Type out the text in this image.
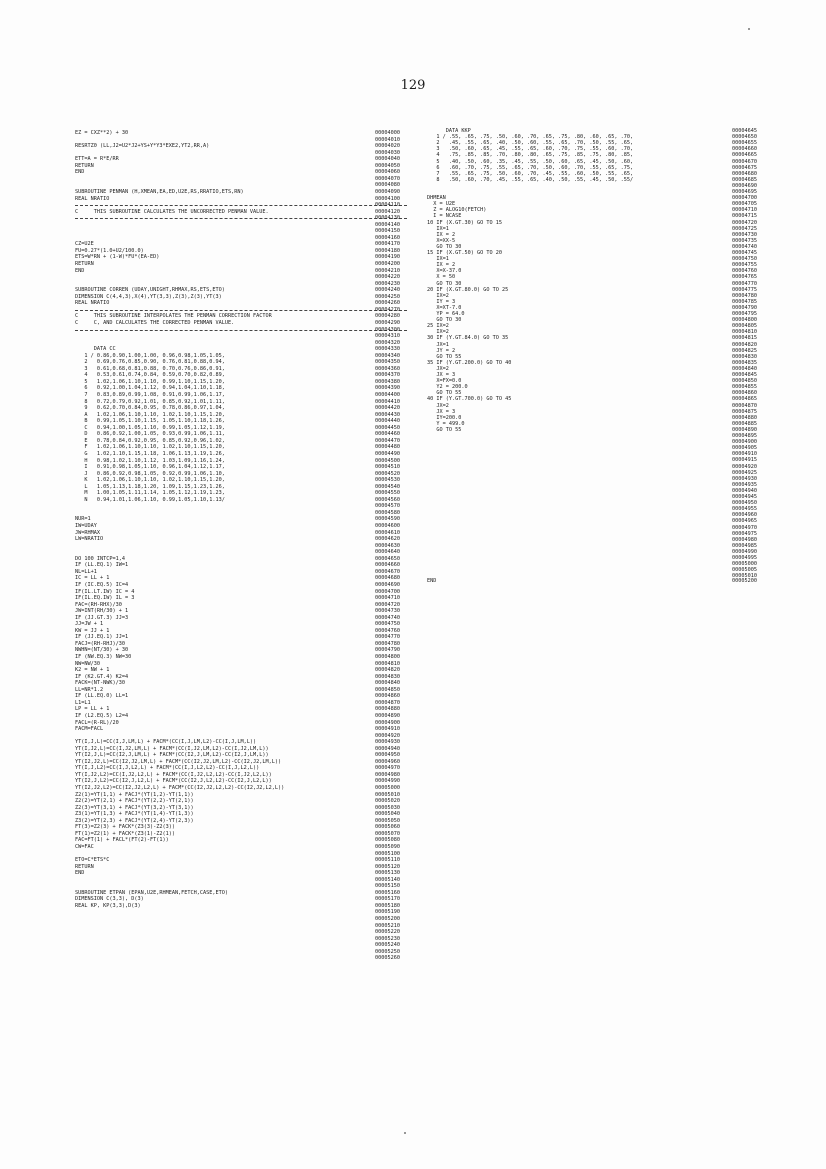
129
EZ = CXZ**2) + 30
RESRTZ0 (LL,J2=U2*J2+YS+Y*Y3*EXE2,YT2,RR,A)
ETT=A = R*E/RR
RETURN
END
SUBROUTINE PENMAN (H,XMEAN,EA,ED,U2E,RS,RRATIO,ETS,RN)
REAL NRATIO
C     THIS SUBROUTINE CALCULATES THE UNCORRECTED PENMAN VALUE.
CZ=U2E
FU=0.27*(1.0+U2/100.0)
ETS=W*RN + (1-W)*FU*(EA-ED)
RETURN
END
SUBROUTINE CORREN (UDAY,UNIGHT,RHMAX,RS,ETS,ETO)
DIMENSION C(4,4,3),X(4),YT(3,3),Z(3),Z(3),YT(3)
REAL NRATIO
C     THIS SUBROUTINE INTERPOLATES THE PENMAN CORRECTION FACTOR
C     C, AND CALCULATES THE CORRECTED PENMAN VALUE.
DATA CC
1 / 0.86,0.90,1.00,1.00, 0.96,0.98,1.05,1.05,
2   0.69,0.76,0.85,0.90, 0.76,0.81,0.88,0.94,
3   0.61,0.68,0.81,0.88, 0.70,0.76,0.86,0.91,
4   0.53,0.61,0.74,0.84, 0.59,0.70,0.82,0.89,
5   1.02,1.06,1.10,1.10, 0.99,1.10,1.15,1.20,
6   0.92,1.00,1.04,1.12, 0.94,1.04,1.10,1.18,
7   0.83,0.89,0.99,1.08, 0.91,0.99,1.06,1.17,
8   0.72,0.79,0.92,1.01, 0.85,0.92,1.01,1.11,
9   0.62,0.70,0.84,0.95, 0.78,0.86,0.97,1.04,
A   1.02,1.06,1.10,1.10, 1.02,1.10,1.15,1.20,
B   0.99,1.05,1.10,1.15, 1.05,1.10,1.18,1.26,
C   0.94,1.00,1.05,1.10, 0.99,1.05,1.12,1.19,
D   0.86,0.92,1.00,1.05, 0.93,0.99,1.06,1.11,
E   0.78,0.84,0.92,0.95, 0.85,0.92,0.96,1.02,
F   1.02,1.06,1.10,1.10, 1.02,1.10,1.15,1.20,
G   1.02,1.10,1.15,1.18, 1.06,1.13,1.19,1.26,
H   0.98,1.02,1.10,1.12, 1.03,1.09,1.16,1.24,
I   0.91,0.98,1.05,1.10, 0.96,1.04,1.12,1.17,
J   0.86,0.92,0.98,1.05, 0.92,0.99,1.06,1.10,
K   1.02,1.06,1.10,1.10, 1.02,1.10,1.15,1.20,
L   1.05,1.13,1.18,1.20, 1.09,1.15,1.23,1.26,
M   1.00,1.05,1.11,1.14, 1.05,1.12,1.19,1.23,
N   0.94,1.01,1.06,1.10, 0.99,1.05,1.10,1.13/
NUR=1
IW=UDAY
JW=RHMAX
LW=NRATIO
DO 100 INTCP=1,4
IF (LL.EQ.1) IW=1
NL=LL+1
IC = LL + 1
IF (IC.EQ.5) IC=4
IF(IL.LT.IW) IC = 4
IF(IL.EQ.IW) IL = 3
FAC=(RH-RHX)/30
JW=INT(RH/30) + 1
IF (JJ.GT.3) JJ=3
JJ=JW + 1
KW = JJ + 1
IF (JJ.EQ.1) JJ=1
FACJ=(RH-RHJ)/30
NWHN=(NT/30) + 30
IF (NW.EQ.3) NW=30
NW=NW/30
K2 = NW + 1
IF (K2.GT.4) K2=4
FACK=(NT-NWK)/30
LL=NR*1.2
IF (LL.EQ.0) LL=1
L1=L1
LP = LL + 1
IF (L2.EQ.5) L2=4
FACL=(R-RL)/20
FACM=FACL
YT(I,J,L)=CC(I,J,LM,L) + FACM*(CC(I,J,LM,L2)-CC(I,J,LM,L))
YT(I,J2,L)=CC(I,J2,LM,L) + FACM*(CC(I,J2,LM,L2)-CC(I,J2,LM,L))
YT(I2,J,L)=CC(I2,J,LM,L) + FACM*(CC(I2,J,LM,L2)-CC(I2,J,LM,L))
YT(I2,J2,L)=CC(I2,J2,LM,L) + FACM*(CC(I2,J2,LM,L2)-CC(I2,J2,LM,L))
YT(I,J,L2)=CC(I,J,L2,L) + FACM*(CC(I,J,L2,L2)-CC(I,J,L2,L))
YT(I,J2,L2)=CC(I,J2,L2,L) + FACM*(CC(I,J2,L2,L2)-CC(I,J2,L2,L))
YT(I2,J,L2)=CC(I2,J,L2,L) + FACM*(CC(I2,J,L2,L2)-CC(I2,J,L2,L))
YT(I2,J2,L2)=CC(I2,J2,L2,L) + FACM*(CC(I2,J2,L2,L2)-CC(I2,J2,L2,L))
Z2(1)=YT(1,1) + FACJ*(YT(1,2)-YT(1,1))
Z2(2)=YT(2,1) + FACJ*(YT(2,2)-YT(2,1))
Z2(3)=YT(3,1) + FACJ*(YT(3,2)-YT(3,1))
Z3(1)=YT(1,3) + FACJ*(YT(1,4)-YT(1,3))
Z3(2)=YT(2,3) + FACJ*(YT(2,4)-YT(2,3))
FT(3)=Z2(3) + FACK*(Z3(3)-Z2(3))
FT(1)=Z2(1) + FACK*(Z3(1)-Z2(1))
FAC=FT(1) + FACL*(FT(2)-FT(1))
CW=FAC
ETO=C*ETS*C
RETURN
END
SUBROUTINE ETPAN (EPAN,U2E,RHMEAN,FETCH,CASE,ETO)
DIMENSION C(3,3), D(3)
REAL KP, KP(3,3),D(3)
00004000
00004010
00004020
00004030
00004040
00004050
00004060
00004070
00004080
00004090
00004100
00004110
00004120
00004130
00004140
00004150
00004160
00004170
00004180
00004190
00004200
00004210
00004220
00004230
00004240
00004250
00004260
00004270
00004280
00004290
00004300
00004310
00004320
00004330
00004340
00004350
00004360
00004370
00004380
00004390
00004400
00004410
00004420
00004430
00004440
00004450
00004460
00004470
00004480
00004490
00004500
00004510
00004520
00004530
00004540
00004550
00004560
00004570
00004580
00004590
00004600
00004610
00004620
00004630
00004640
00004650
00004660
00004670
00004680
00004690
00004700
00004710
00004720
00004730
00004740
00004750
00004760
00004770
00004780
00004790
00004800
00004810
00004820
00004830
00004840
00004850
00004860
00004870
00004880
00004890
00004900
00004910
00004920
00004930
00004940
00004950
00004960
00004970
00004980
00004990
00005000
00005010
00005020
00005030
00005040
00005050
00005060
00005070
00005080
00005090
00005100
00005110
00005120
00005130
00005140
00005150
00005160
00005170
00005180
00005190
00005200
00005210
00005220
00005230
00005240
00005250
00005260
DATA KKP
1 / .55, .65, .75, .50, .60, .70, .65, .75, .80, .60, .65, .70,
2   .45, .55, .65, .40, .50, .60, .55, .65, .70, .50, .55, .65,
3   .50, .60, .65, .45, .55, .65, .60, .70, .75, .55, .60, .70,
4   .75, .85, .85, .70, .80, .80, .65, .75, .85, .75, .80, .85,
5   .40, .50, .60, .35, .45, .55, .50, .60, .65, .45, .50, .60,
6   .60, .70, .75, .55, .65, .70, .50, .60, .70, .55, .65, .75,
7   .55, .65, .75, .50, .60, .70, .45, .55, .60, .50, .55, .65,
8   .50, .60, .70, .45, .55, .65, .40, .50, .55, .45, .50, .55/
DHMEAN
X = U2E
Z = ALOG10(FETCH)
I = NCASE
10 IF (X.GT.30) GO TO 15
IX=1
IX = 2
X=XX-5
GO TO 30
15 IF (X.GT.50) GO TO 20
IX=1
IX = 2
X=X-37.0
X = 50
GO TO 30
20 IF (X.GT.80.0) GO TO 25
IX=2
IY = 3
X=XT-7.0
YP = 64.0
GO TO 30
25 IX=2
IX=2
30 IF (Y.GT.84.0) GO TO 35
JX=1
JY = 2
GO TO 55
35 IF (Y.GT.200.0) GO TO 40
JX=2
JX = 3
X=FX=0.0
Y2 = 200.0
GO TO 55
40 IF (Y.GT.700.0) GO TO 45
JX=2
JX = 3
IY=200.0
Y = 499.0
GO TO 55
00004645
00004650
00004655
00004660
00004665
00004670
00004675
00004680
00004685
00004690
00004695
00004700
00004705
00004710
00004715
00004720
00004725
00004730
00004735
00004740
00004745
00004750
00004755
00004760
00004765
00004770
00004775
00004780
00004785
00004790
00004795
00004800
00004805
00004810
00004815
00004820
00004825
00004830
00004835
00004840
00004845
00004850
00004855
00004860
00004865
00004870
00004875
00004880
00004885
00004890
00004895
00004900
00004905
00004910
00004915
00004920
00004925
00004930
00004935
00004940
00004945
00004950
00004955
00004960
00004965
00004970
00004975
00004980
00004985
00004990
00004995
00005000
00005005
00005010
END	00005200
